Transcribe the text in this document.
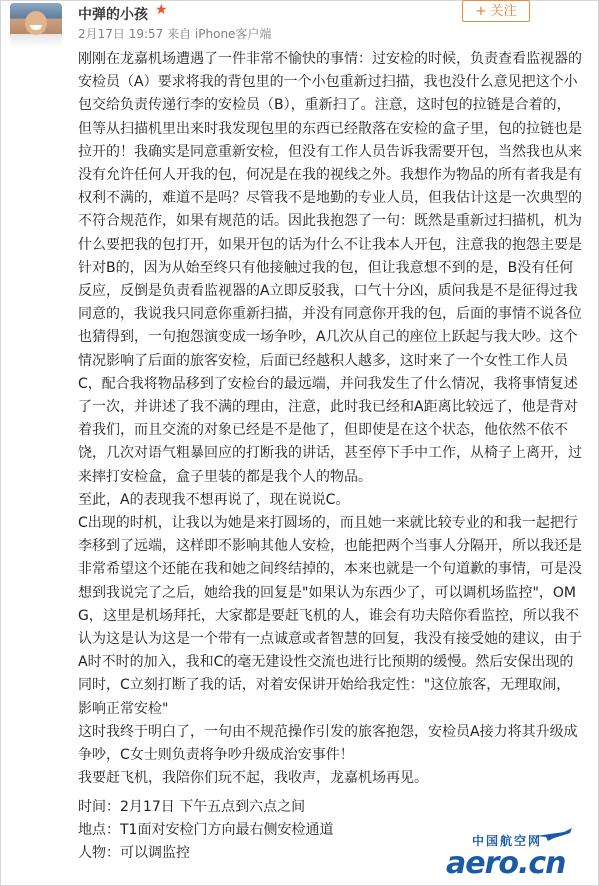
中弹的小孩 ★
2月17日 19:57 来自 iPhone客户端
+ 关注
刚刚在龙嘉机场遭遇了一件非常不愉快的事情：过安检的时候，负责查看监视器的安检员（A）要求将我的背包里的一个小包重新过扫描，我也没什么意见把这个小包交给负责传递行李的安检员（B），重新扫了。注意，这时包的拉链是合着的，但等从扫描机里出来时我发现包里的东西已经散落在安检的盒子里，包的拉链也是拉开的！我确实是同意重新安检，但没有工作人员告诉我需要开包，当然我也从来没有允许任何人开我的包，何况是在我的视线之外。我想作为物品的所有者我是有权利不满的，难道不是吗？尽管我不是地勤的专业人员，但我估计这是一次典型的不符合规范作，如果有规范的话。因此我抱怨了一句：既然是重新过扫描机，机为什么要把我的包打开，如果开包的话为什么不让我本人开包，注意我的抱怨主要是针对B的，因为从始至终只有他接触过我的包，但让我意想不到的是，B没有任何反应，反倒是负责看监视器的A立即反驳我，口气十分凶，质问我是不是征得过我同意的，我说我只同意你重新扫描，并没有同意你开我的包，后面的事情不说各位也猜得到，一句抱怨演变成一场争吵，A几次从自己的座位上跃起与我大吵。这个情况影响了后面的旅客安检，后面已经越积人越多，这时来了一个女性工作人员C，配合我将物品移到了安检台的最远端，并问我发生了什么情况，我将事情复述了一次，并讲述了我不满的理由，注意，此时我已经和A距离比较远了，他是背对着我们，而且交流的对象已经是不是他了，但即使是在这个状态，他依然不依不饶，几次对语气粗暴回应的打断我的讲话，甚至停下手中工作，从椅子上离开，过来摔打安检盒，盒子里装的都是我个人的物品。
至此，A的表现我不想再说了，现在说说C。
C出现的时机，让我以为她是来打圆场的，而且她一来就比较专业的和我一起把行李移到了远端，这样即不影响其他人安检，也能把两个当事人分隔开，所以我还是非常希望这个还能在我和她之间终结掉的，本来也就是一个句道歉的事情，可是没想到我说完了之后，她给我的回复是"如果认为东西少了，可以调机场监控"，OMG，这里是机场拜托，大家都是要赶飞机的人，谁会有功夫陪你看监控，所以我不认为这是认为这是一个带有一点诚意或者智慧的回复，我没有接受她的建议，由于A时不时的加入，我和C的毫无建设性交流也进行比预期的缓慢。然后安保出现的同时，C立刻打断了我的话，对着安保讲开始给我定性："这位旅客，无理取闹，影响正常安检"
这时我终于明白了，一句由不规范操作引发的旅客抱怨，安检员A接力将其升级成争吵，C女士则负责将争吵升级成治安事件！
我要赶飞机，我陪你们玩不起，我收声，龙嘉机场再见。
时间：2月17日 下午五点到六点之间
地点：T1面对安检门方向最右侧安检通道
人物：可以调监控
中国航空网
aero.cn
